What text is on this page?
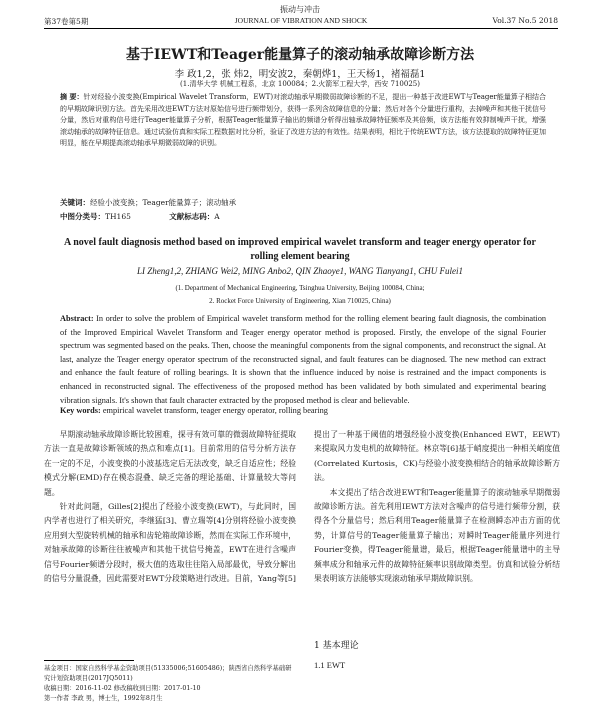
振动与冲击
JOURNAL OF VIBRATION AND SHOCK
第37卷第5期	Vol.37 No.5 2018
基于IEWT和Teager能量算子的滚动轴承故障诊断方法
李 政1,2，张 炜2，明安波2，秦朝烨1，王天杨1，褚福磊1
(1.清华大学 机械工程系，北京 100084；2.火箭军工程大学，西安 710025)
摘 要：针对经验小波变换(Empirical Wavelet Transform，EWT)对滚动轴承早期微弱故障诊断的不足，提出一种基于改进EWT与Teager能量算子相结合的早期故障识别方法。首先采用改进EWT方法对原始信号进行频带划分，获得一系列含故障信息的分量；然后对各个分量进行重构，去掉噪声和其他干扰信号分量，然后对重构信号进行Teager能量算子分析，根据Teager能量算子输出的频谱分析得出轴承故障特征频率及其倍频，该方法能有效抑制噪声干扰，增强滚动轴承的故障特征信息。通过试验仿真和实际工程数据对比分析，验证了改进方法的有效性。结果表明，相比于传统EWT方法，该方法提取的故障特征更加明显，能在早期提高滚动轴承早期微弱故障的识别。
关键词：经验小波变换；Teager能量算子；滚动轴承
中图分类号：TH165	文献标志码：A
A novel fault diagnosis method based on improved empirical wavelet transform and teager energy operator for rolling element bearing
LI Zheng1,2, ZHIANG Wei2, MING Anbo2, QIN Zhaoye1, WANG Tianyang1, CHU Fulei1
(1. Department of Mechanical Engineering, Tsinghua University, Beijing 100084, China;
2. Rocket Force University of Engineering, Xian 710025, China)
Abstract: In order to solve the problem of Empirical wavelet transform method for the rolling element bearing fault diagnosis, the combination of the Improved Empirical Wavelet Transform and Teager energy operator method is proposed. Firstly, the envelope of the signal Fourier spectrum was segmented based on the peaks. Then, choose the meaningful components from the signal components, and reconstruct the signal. At last, analyze the Teager energy operator spectrum of the reconstructed signal, and fault features can be diagnosed. The new method can extract and enhance the fault feature of rolling bearings. It is shown that the influence induced by noise is restrained and the impact components is enhanced in reconstructed signal. The effectiveness of the proposed method has been validated by both simulated and experimental bearing vibration signals. It's shown that fault character extracted by the proposed method is clear and believable.
Key words: empirical wavelet transform, teager energy operator, rolling bearing

早期滚动轴承故障诊断比较困难，探寻有效可靠的微弱故障特征提取方法一直是故障诊断领域的热点和难点[1]。目前常用的信号分析方法存在一定的不足，小波变换的小波基选定后无法改变，缺乏自适应性；经验模式分解(EMD)存在模态混叠、缺乏完备的理论基础、计算量较大等问题。

针对此问题，Gilles[2]提出了经验小波变换(EWT)，与此同时，国内学者也进行了相关研究，李继猛[3]、曹立瑞等[4]分别将经验小波变换应用到大型旋转机械的轴承和齿轮箱故障诊断，然而在实际工作环境中，对轴承故障的诊断往往被噪声和其他干扰信号掩盖，EWT在进行含噪声信号Fourier频谱分段时，极大值的选取往往陷入局部最优，导致分解出的信号分量混叠，因此需要对EWT分段策略进行改进。目前，Yang等[5]

提出了一种基于阈值的增强经验小波变换(Enhanced EWT，EEWT)来提取风力发电机的故障特征。林京等[6]基于峭度提出一种相关峭度值(Correlated Kurtosis，CK)与经验小波变换相结合的轴承故障诊断方法。

本文提出了结合改进EWT和Teager能量算子的滚动轴承早期微弱故障诊断方法。首先利用IEWT方法对含噪声的信号进行频带分割，获得各个分量信号；然后利用Teager能量算子在检测瞬态冲击方面的优势，计算信号的Teager能量算子输出；对瞬时Teager能量序列进行Fourier变换，得Teager能量谱，最后，根据Teager能量谱中的主导频率成分和轴承元件的故障特征频率识别故障类型。仿真和试验分析结果表明该方法能够实现滚动轴承早期故障识别。

1 基本理论
1.1 EWT
基金项目：国家自然科学基金资助项目(51335006;51605486)；陕西省自然科学基础研究计划资助项目(2017JQ5011)
收稿日期：2016-11-02 修改稿收到日期：2017-01-10
第一作者 李政 男，博士生，1992年8月生
